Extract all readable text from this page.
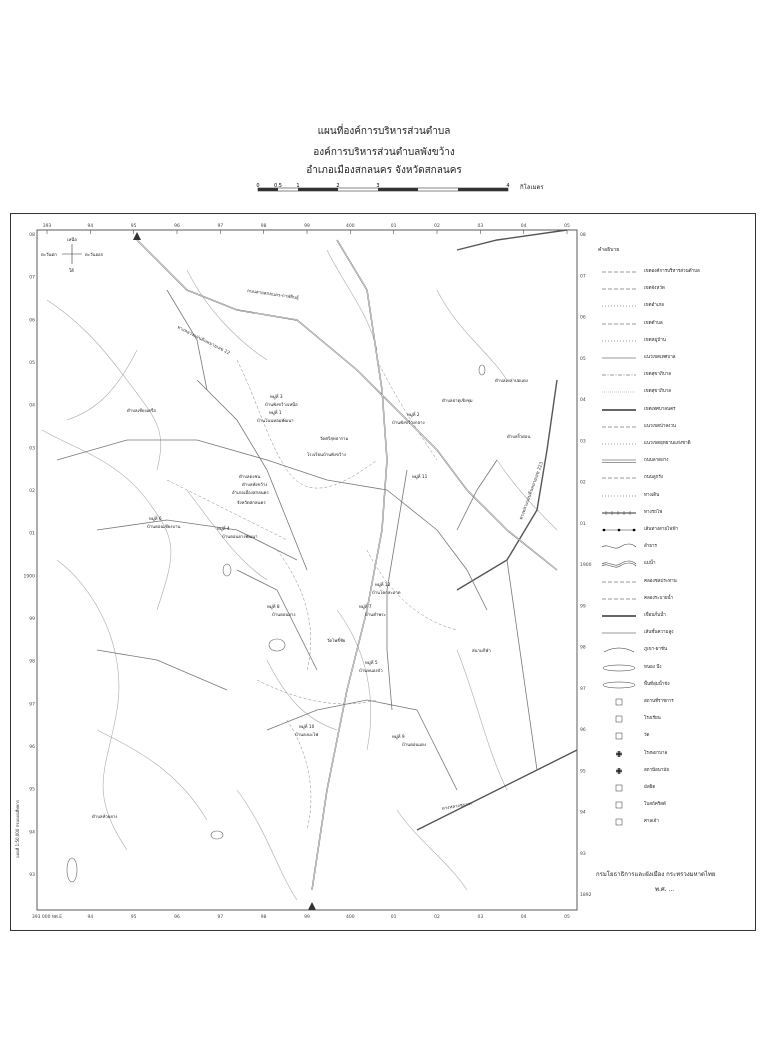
แผนที่องค์การบริหารส่วนตำบล
องค์การบริหารส่วนตำบลพังขว้าง
อำเภอเมืองสกลนคร จังหวัดสกลนคร
0	0.5	1	2	3	4 กิโลเมตร
393	94	95	96	97	98	99	400	01	02	03	04	05
393 000 ทต.E	94	95	96	97	98	99	400	01	02	03	04	05
08
07
06
05
04
03
02
01
1900
99
98
97
96
95
94
93
08
07
06
05
04
03
02
01
1900
99
98
97
96
95
94
93
1892
เหนือ
ใต้
ตะวันตก	ตะวันออก
ทางหลวงแผ่นดินหมายเลข 22
ทางหลวงแผ่นดินหมายเลข 223
ถนนสายสกลนคร-กาฬสินธุ์
ทางหลวงชนบท
ตำบลเชียงเครือ
หมู่ที่ 3
บ้านพังขว้างเหนือ
หมู่ที่ 1
บ้านโนนหอมพัฒนา
หมู่ที่ 2
บ้านพังขว้างกลาง
วัดศรีสุทธาราม
โรงเรียนบ้านพังขว้าง
ตำบลดงชน
ตำบลธาตุเชิงชุม
ตำบลพังขว้าง
อำเภอเมืองสกลนคร
จังหวัดสกลนคร
หมู่ที่ 6
บ้านดอนเชียงบาน	หมู่ที่ 4
บ้านดอนยางพัฒนา
หมู่ที่ 11
หมู่ที่ 8
บ้านดอนยาง
หมู่ที่ 7
บ้านคำพระ
หมู่ที่ 12
บ้านโคกสะอาด
หมู่ที่ 5
บ้านหนองบัว
หมู่ที่ 10
บ้านดงมะไฟ	หมู่ที่ 9
บ้านดอนแดง
ตำบลห้วยยาง
ตำบลเหล่าปอแดง
ตำบลงิ้วด่อน
สนามกีฬา
วัดโพธิ์ชัย
คำอธิบาย
เขตองค์การบริหารส่วนตำบล
เขตจังหวัด
เขตอำเภอ
เขตตำบล
เขตหมู่บ้าน
แนวเขตเทศบาล
เขตสุขาภิบาล
เขตสุขาภิบาล
เขตเทศบาลนคร
แนวเขตป่าสงวน
แนวเขตอุทยานแห่งชาติ
ถนนลาดยาง
ถนนลูกรัง
ทางเดิน
ทางรถไฟ
เส้นทางสายไฟฟ้า
ลำธาร
แม่น้ำ
คลองชลประทาน
คลองระบายน้ำ
เขื่อนกั้นน้ำ
เส้นชั้นความสูง
ภูเขา-ผาชัน
หนอง บึง
พื้นที่ลุ่มน้ำขัง
สถานที่ราชการ
โรงเรียน
วัด
โรงพยาบาล
สถานีอนามัย
มัสยิด
โบสถ์คริสต์
ศาลเจ้า
กรมโยธาธิการและผังเมือง กระทรวงมหาดไทย
พ.ศ. ...
แผนที่ 1:50,000 กรมแผนที่ทหาร
